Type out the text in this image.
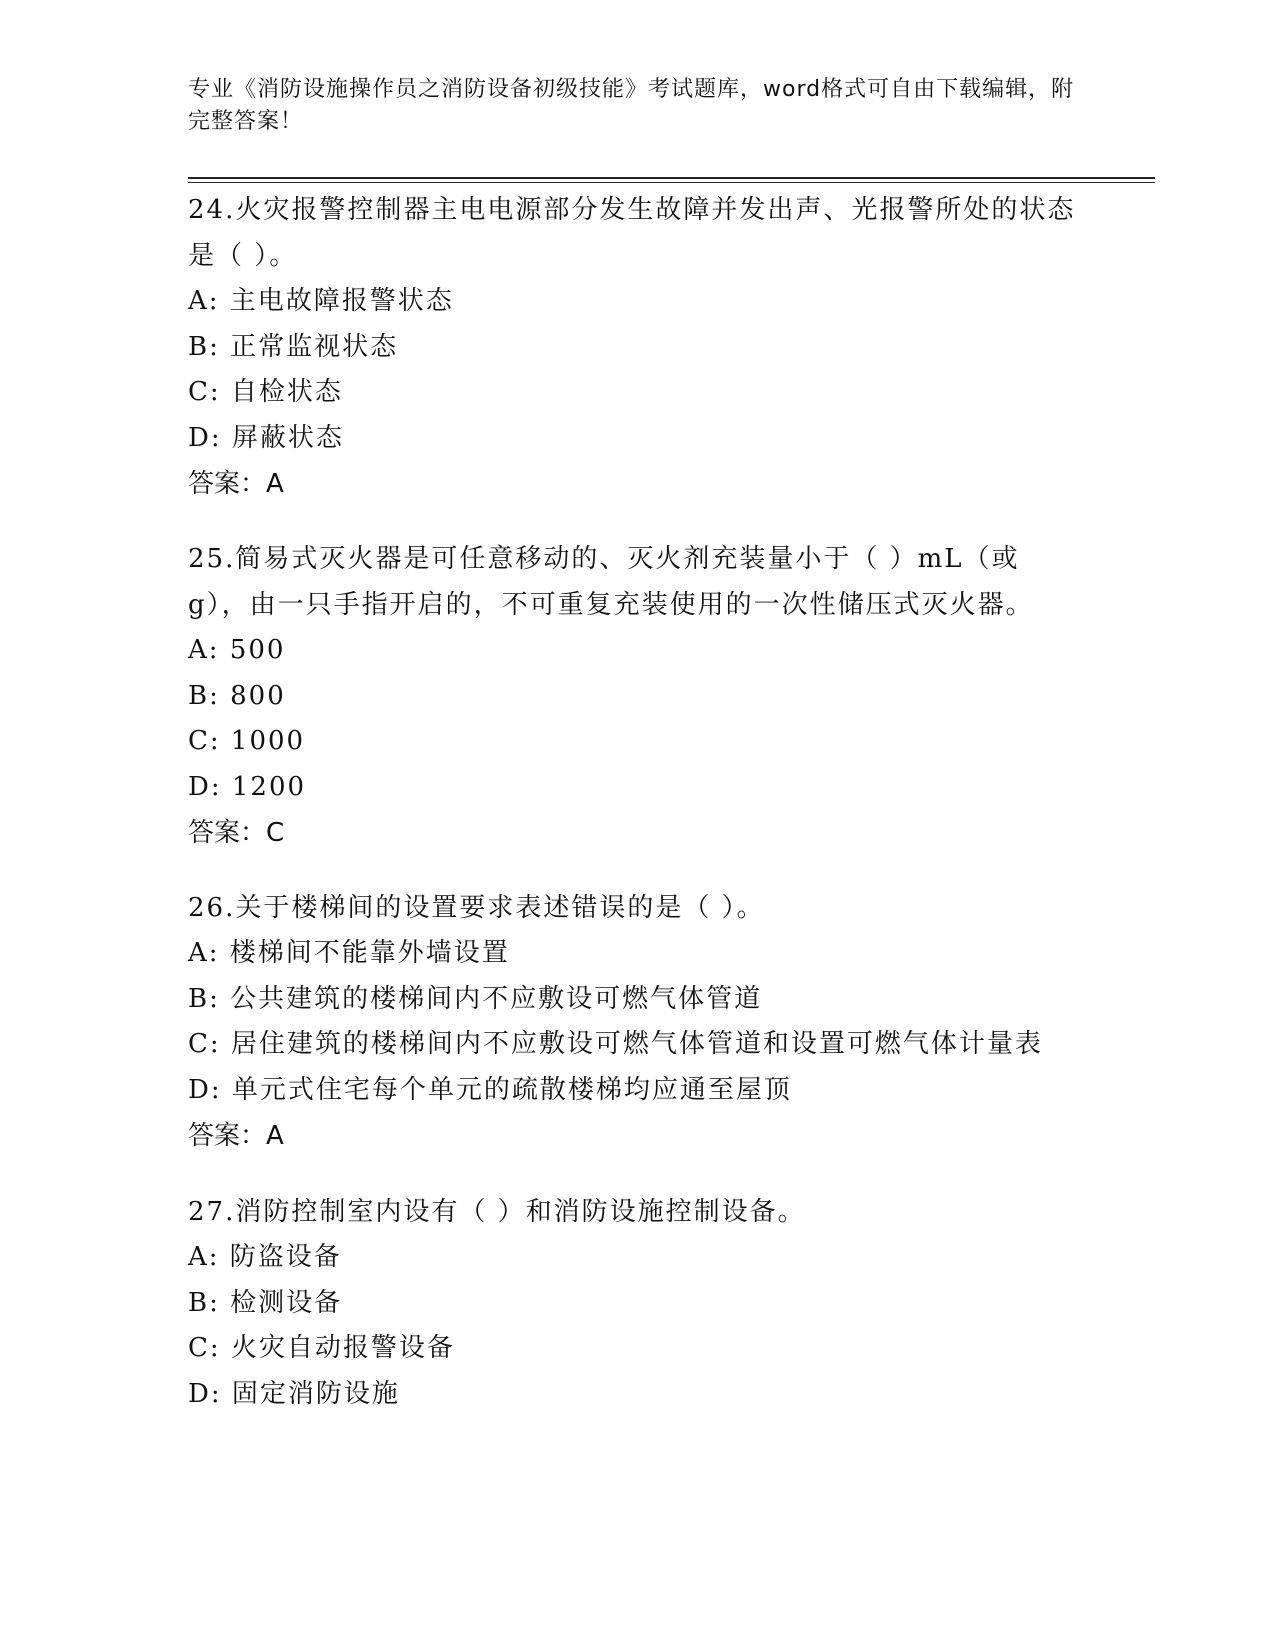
专业《消防设施操作员之消防设备初级技能》考试题库，word格式可自由下载编辑，附完整答案！

24.火灾报警控制器主电电源部分发生故障并发出声、光报警所处的状态是（ ）。

A: 主电故障报警状态

B: 正常监视状态

C: 自检状态

D: 屏蔽状态

答案：A

25.简易式灭火器是可任意移动的、灭火剂充装量小于（ ）mL（或g），由一只手指开启的，不可重复充装使用的一次性储压式灭火器。

A: 500

B: 800

C: 1000

D: 1200

答案：C

26.关于楼梯间的设置要求表述错误的是（ ）。

A: 楼梯间不能靠外墙设置

B: 公共建筑的楼梯间内不应敷设可燃气体管道

C: 居住建筑的楼梯间内不应敷设可燃气体管道和设置可燃气体计量表

D: 单元式住宅每个单元的疏散楼梯均应通至屋顶

答案：A

27.消防控制室内设有（ ）和消防设施控制设备。

A: 防盗设备

B: 检测设备

C: 火灾自动报警设备

D: 固定消防设施
